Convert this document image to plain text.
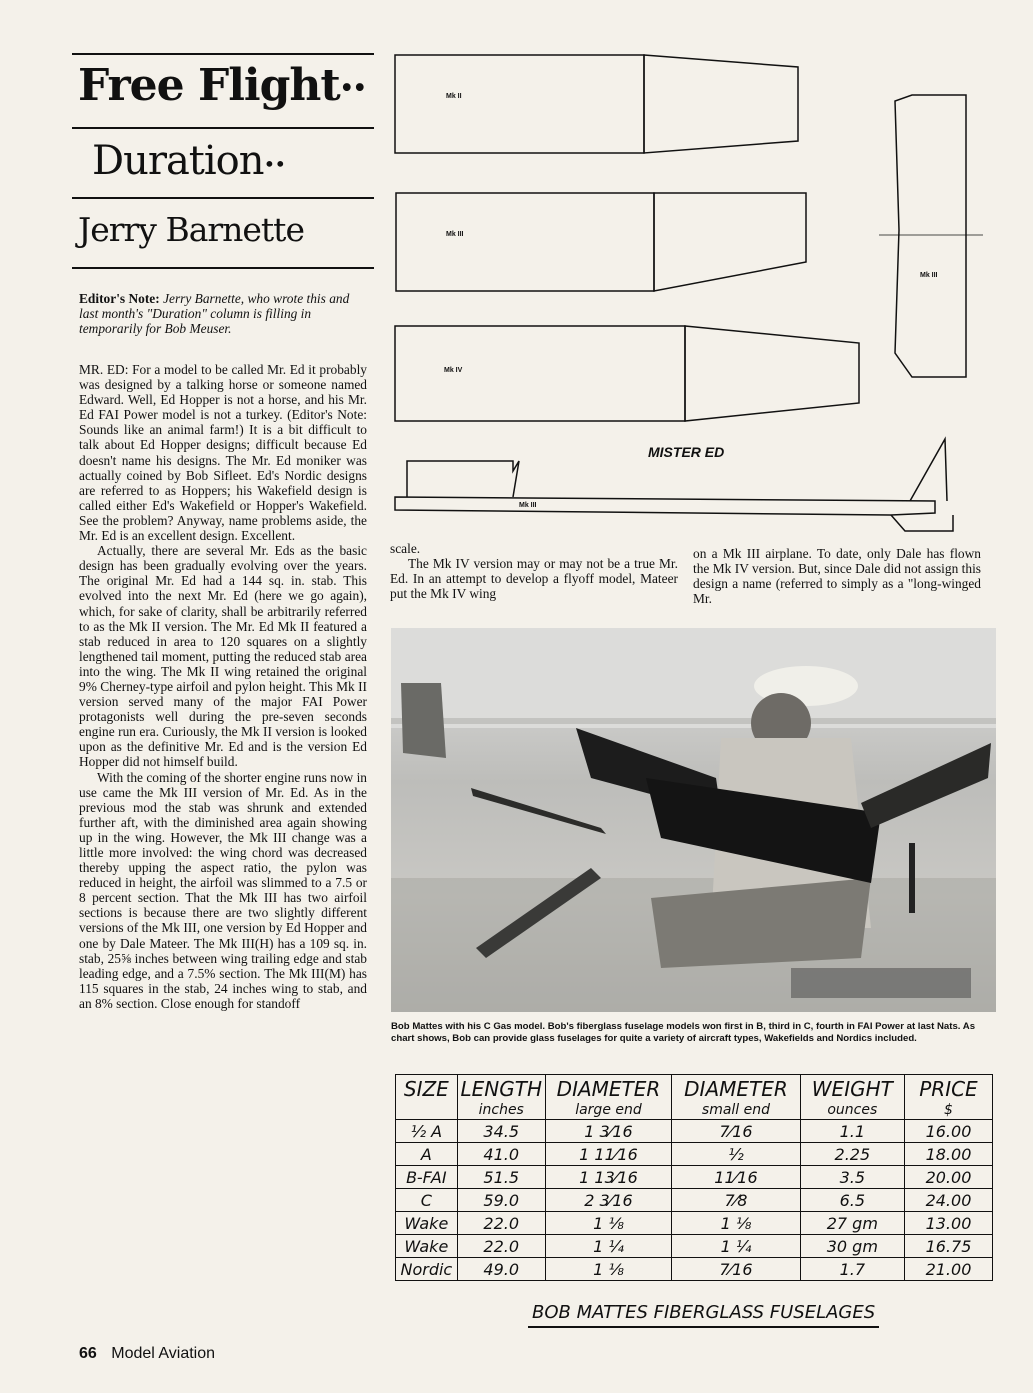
Free Flight••
Duration••
Jerry Barnette
Editor's Note: Jerry Barnette, who wrote this and last month's "Duration" column is filling in temporarily for Bob Meuser.

MR. ED: For a model to be called Mr. Ed it probably was designed by a talking horse or someone named Edward. Well, Ed Hopper is not a horse, and his Mr. Ed FAI Power model is not a turkey. (Editor's Note: Sounds like an animal farm!) It is a bit difficult to talk about Ed Hopper designs; difficult because Ed doesn't name his designs. The Mr. Ed moniker was actually coined by Bob Sifleet. Ed's Nordic designs are referred to as Hoppers; his Wakefield design is called either Ed's Wakefield or Hopper's Wakefield. See the problem? Anyway, name problems aside, the Mr. Ed is an excellent design. Excellent.

Actually, there are several Mr. Eds as the basic design has been gradually evolving over the years. The original Mr. Ed had a 144 sq. in. stab. This evolved into the next Mr. Ed (here we go again), which, for sake of clarity, shall be arbitrarily referred to as the Mk II version. The Mr. Ed Mk II featured a stab reduced in area to 120 squares on a slightly lengthened tail moment, putting the reduced stab area into the wing. The Mk II wing retained the original 9% Cherney-type airfoil and pylon height. This Mk II version served many of the major FAI Power protagonists well during the pre-seven seconds engine run era. Curiously, the Mk II version is looked upon as the definitive Mr. Ed and is the version Ed Hopper did not himself build.

With the coming of the shorter engine runs now in use came the Mk III version of Mr. Ed. As in the previous mod the stab was shrunk and extended further aft, with the diminished area again showing up in the wing. However, the Mk III change was a little more involved: the wing chord was decreased thereby upping the aspect ratio, the pylon was reduced in height, the airfoil was slimmed to a 7.5 or 8 percent section. That the Mk III has two airfoil sections is because there are two slightly different versions of the Mk III, one version by Ed Hopper and one by Dale Mateer. The Mk III(H) has a 109 sq. in. stab, 25⅝ inches between wing trailing edge and stab leading edge, and a 7.5% section. The Mk III(M) has 115 squares in the stab, 24 inches wing to stab, and an 8% section. Close enough for standoff

Mk II
Mk III
Mk IV
Mk III
Mk III
MISTER ED

scale.

The Mk IV version may or may not be a true Mr. Ed. In an attempt to develop a flyoff model, Mateer put the Mk IV wing

on a Mk III airplane. To date, only Dale has flown the Mk IV version. But, since Dale did not assign this design a name (referred to simply as a "long-winged Mr.

Bob Mattes with his C Gas model. Bob's fiberglass fuselage models won first in B, third in C, fourth in FAI Power at last Nats. As chart shows, Bob can provide glass fuselages for quite a variety of aircraft types, Wakefields and Nordics included.
SIZE	LENGTH	DIAMETER	DIAMETER	WEIGHT	PRICE
	inches	large end	small end	ounces	$
½ A	34.5	1 3⁄16	7⁄16	1.1	16.00
A	41.0	1 11⁄16	½	2.25	18.00
B-FAI	51.5	1 13⁄16	11⁄16	3.5	20.00
C	59.0	2 3⁄16	7⁄8	6.5	24.00
Wake	22.0	1 ⅛	1 ⅛	27 gm	13.00
Wake	22.0	1 ¼	1 ¼	30 gm	16.75
Nordic	49.0	1 ⅛	7⁄16	1.7	21.00
BOB MATTES FIBERGLASS FUSELAGES
66 Model Aviation
